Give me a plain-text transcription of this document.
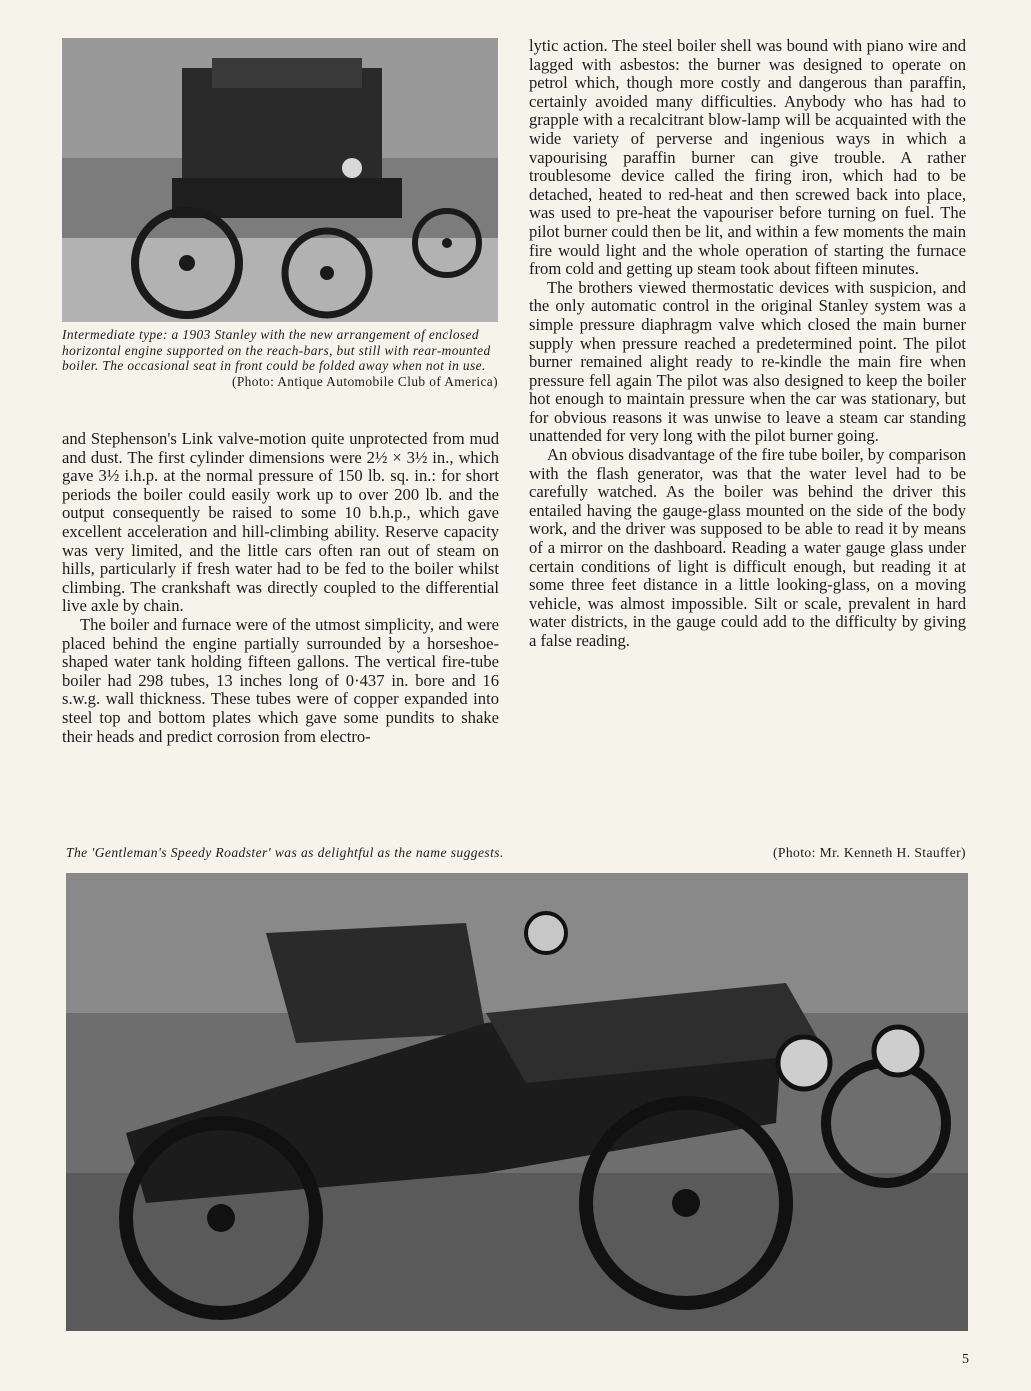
Intermediate type: a 1903 Stanley with the new arrangement of enclosed horizontal engine supported on the reach-bars, but still with rear-mounted boiler. The occasional seat in front could be folded away when not in use.
(Photo: Antique Automobile Club of America)

and Stephenson's Link valve-motion quite unprotected from mud and dust. The first cylinder dimensions were 2½ × 3½ in., which gave 3½ i.h.p. at the normal pressure of 150 lb. sq. in.: for short periods the boiler could easily work up to over 200 lb. and the output consequently be raised to some 10 b.h.p., which gave excellent acceleration and hill-climbing ability. Reserve capacity was very limited, and the little cars often ran out of steam on hills, particularly if fresh water had to be fed to the boiler whilst climbing. The crankshaft was directly coupled to the differential live axle by chain.

The boiler and furnace were of the utmost simplicity, and were placed behind the engine partially surrounded by a horseshoe-shaped water tank holding fifteen gallons. The vertical fire-tube boiler had 298 tubes, 13 inches long of 0·437 in. bore and 16 s.w.g. wall thickness. These tubes were of copper expanded into steel top and bottom plates which gave some pundits to shake their heads and predict corrosion from electro-

lytic action. The steel boiler shell was bound with piano wire and lagged with asbestos: the burner was designed to operate on petrol which, though more costly and dangerous than paraffin, certainly avoided many difficulties. Anybody who has had to grapple with a recalcitrant blow-lamp will be acquainted with the wide variety of perverse and ingenious ways in which a vapourising paraffin burner can give trouble. A rather troublesome device called the firing iron, which had to be detached, heated to red-heat and then screwed back into place, was used to pre-heat the vapouriser before turning on fuel. The pilot burner could then be lit, and within a few moments the main fire would light and the whole operation of starting the furnace from cold and getting up steam took about fifteen minutes.

The brothers viewed thermostatic devices with suspicion, and the only automatic control in the original Stanley system was a simple pressure diaphragm valve which closed the main burner supply when pressure reached a predetermined point. The pilot burner remained alight ready to re-kindle the main fire when pressure fell again The pilot was also designed to keep the boiler hot enough to maintain pressure when the car was stationary, but for obvious reasons it was unwise to leave a steam car standing unattended for very long with the pilot burner going.

An obvious disadvantage of the fire tube boiler, by comparison with the flash generator, was that the water level had to be carefully watched. As the boiler was behind the driver this entailed having the gauge-glass mounted on the side of the body work, and the driver was supposed to be able to read it by means of a mirror on the dashboard. Reading a water gauge glass under certain conditions of light is difficult enough, but reading it at some three feet distance in a little looking-glass, on a moving vehicle, was almost impossible. Silt or scale, prevalent in hard water districts, in the gauge could add to the difficulty by giving a false reading.

The 'Gentleman's Speedy Roadster' was as delightful as the name suggests.	(Photo: Mr. Kenneth H. Stauffer)
5
